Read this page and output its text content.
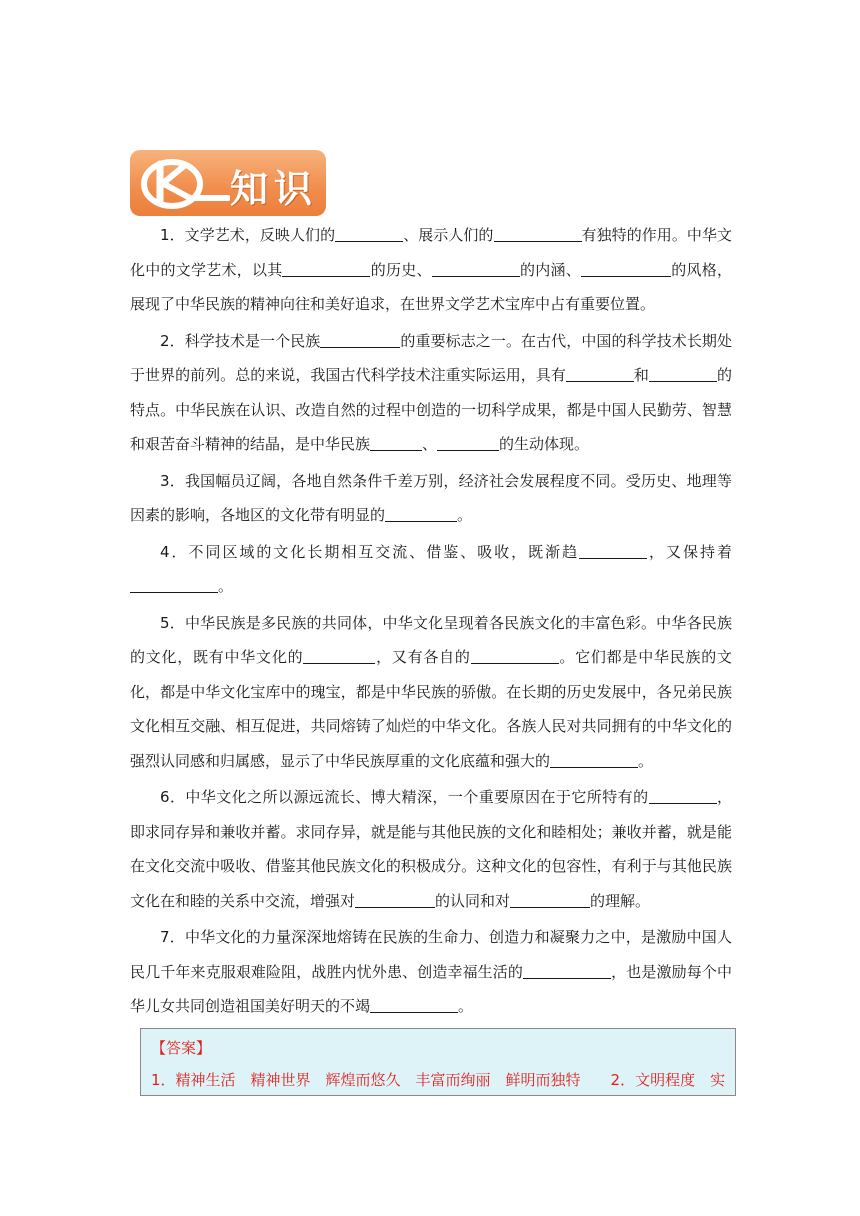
知识

1．文学艺术，反映人们的	、展示人们的	有独特的作用。中华文化中的文学艺术，以其	的历史、	的内涵、	的风格，展现了中华民族的精神向往和美好追求，在世界文学艺术宝库中占有重要位置。

2．科学技术是一个民族	的重要标志之一。在古代，中国的科学技术长期处于世界的前列。总的来说，我国古代科学技术注重实际运用，具有	和	的特点。中华民族在认识、改造自然的过程中创造的一切科学成果，都是中国人民勤劳、智慧和艰苦奋斗精神的结晶，是中华民族	、	的生动体现。

3．我国幅员辽阔，各地自然条件千差万别，经济社会发展程度不同。受历史、地理等因素的影响，各地区的文化带有明显的	。

4．不同区域的文化长期相互交流、借鉴、吸收，既渐趋	，又保持着。

5．中华民族是多民族的共同体，中华文化呈现着各民族文化的丰富色彩。中华各民族的文化，既有中华文化的	，又有各自的	。它们都是中华民族的文化，都是中华文化宝库中的瑰宝，都是中华民族的骄傲。在长期的历史发展中，各兄弟民族文化相互交融、相互促进，共同熔铸了灿烂的中华文化。各族人民对共同拥有的中华文化的强烈认同感和归属感，显示了中华民族厚重的文化底蕴和强大的	。

6．中华文化之所以源远流长、博大精深，一个重要原因在于它所特有的	，即求同存异和兼收并蓄。求同存异，就是能与其他民族的文化和睦相处；兼收并蓄，就是能在文化交流中吸收、借鉴其他民族文化的积极成分。这种文化的包容性，有利于与其他民族文化在和睦的关系中交流，增强对	的认同和对	的理解。

7．中华文化的力量深深地熔铸在民族的生命力、创造力和凝聚力之中，是激励中国人民几千年来克服艰难险阻，战胜内忧外患、创造幸福生活的	，也是激励每个中华儿女共同创造祖国美好明天的不竭	。

【答案】
1．精神生活　精神世界　辉煌而悠久　丰富而绚丽　鲜明而独特　　2．文明程度　实
